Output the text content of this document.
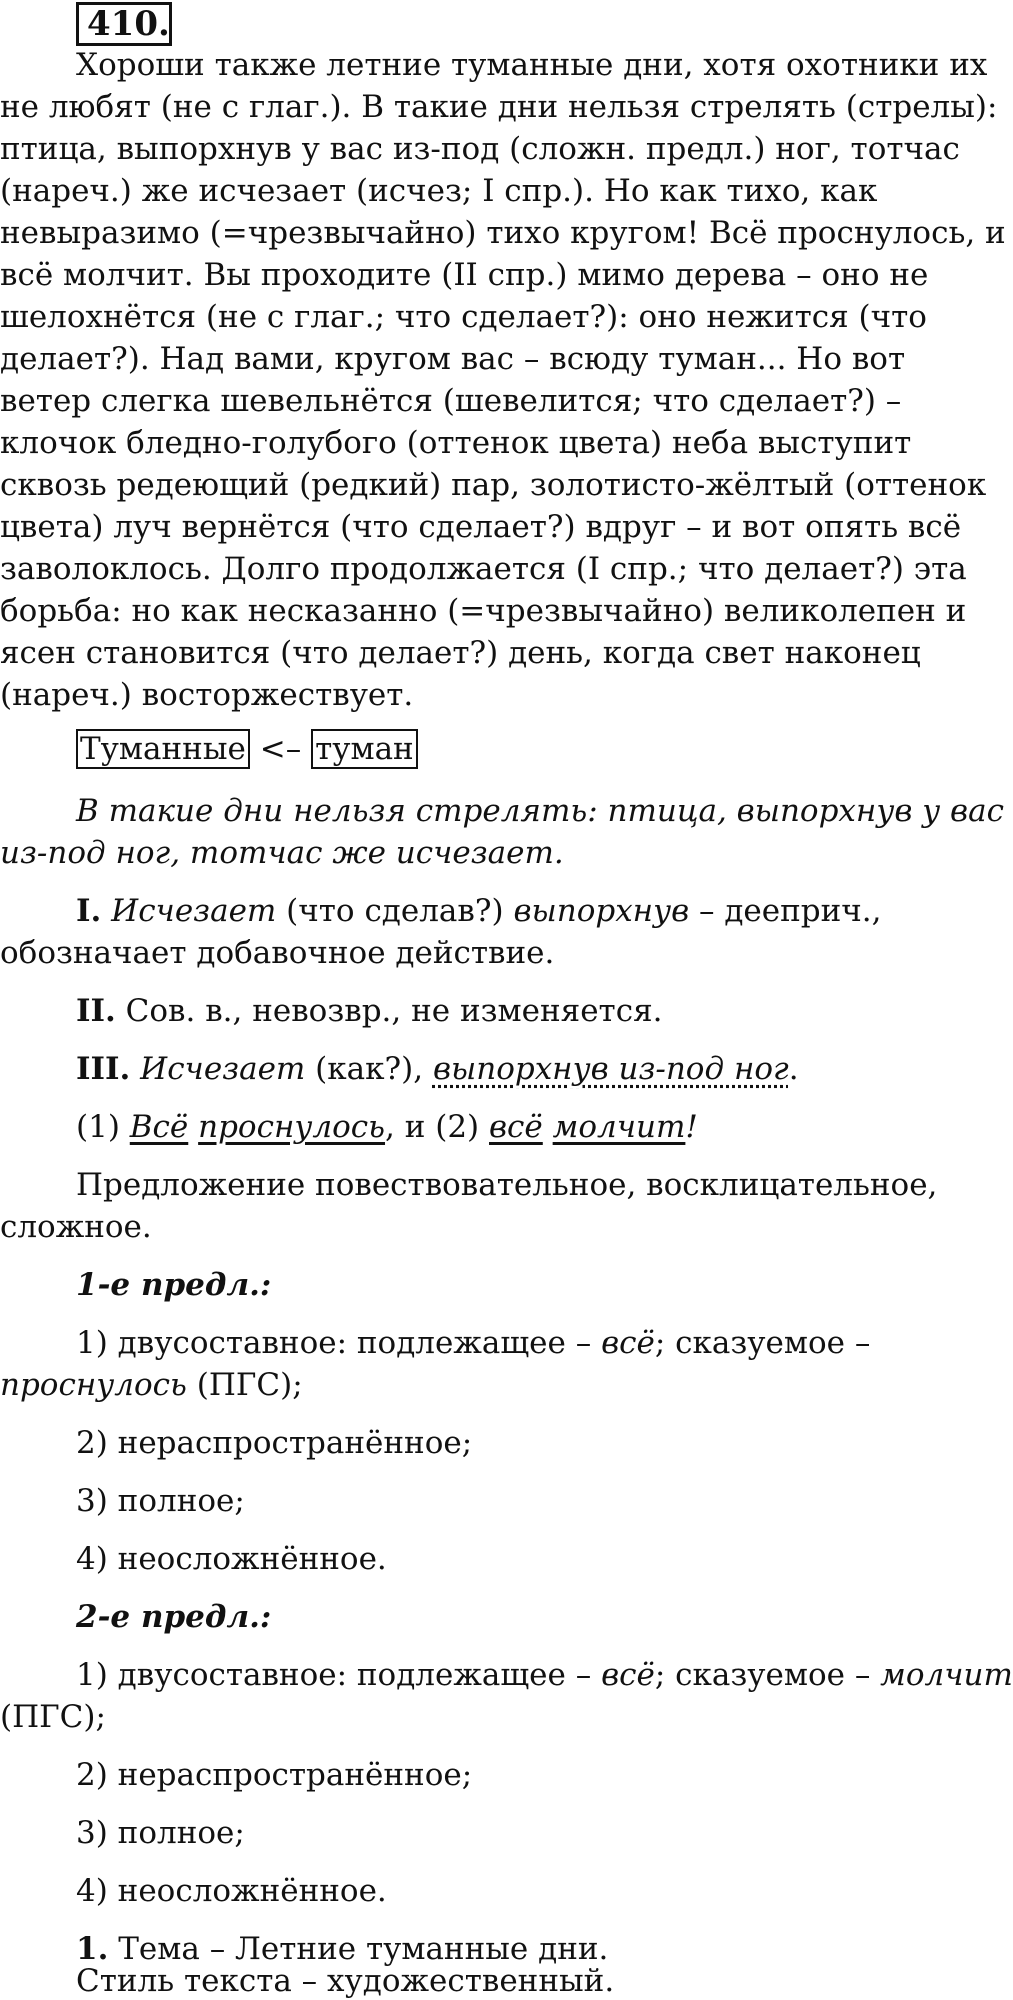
410.
Хороши также летние туманные дни, хотя охотники их
не любят (не с глаг.). В такие дни нельзя стрелять (стрелы):
птица, выпорхнув у вас из-под (сложн. предл.) ног, тотчас
(нареч.) же исчезает (исчез; I спр.). Но как тихо, как
невыразимо (=чрезвычайно) тихо кругом! Всё проснулось, и
всё молчит. Вы проходите (II спр.) мимо дерева – оно не
шелохнётся (не с глаг.; что сделает?): оно нежится (что
делает?). Над вами, кругом вас – всюду туман... Но вот
ветер слегка шевельнётся (шевелится; что сделает?) –
клочок бледно-голубого (оттенок цвета) неба выступит
сквозь редеющий (редкий) пар, золотисто-жёлтый (оттенок
цвета) луч вернётся (что сделает?) вдруг – и вот опять всё
заволоклось. Долго продолжается (I спр.; что делает?) эта
борьба: но как несказанно (=чрезвычайно) великолепен и
ясен становится (что делает?) день, когда свет наконец
(нареч.) восторжествует.
Туманные <– туман
В такие дни нельзя стрелять: птица, выпорхнув у вас
из-под ног, тотчас же исчезает.
I. Исчезает (что сделав?) выпорхнув – дееприч.,
обозначает добавочное действие.
II. Сов. в., невозвр., не изменяется.
III. Исчезает (как?), выпорхнув из-под ног.
(1) Всё проснулось, и (2) всё молчит!
Предложение повествовательное, восклицательное,
сложное.
1-е предл.:
1) двусоставное: подлежащее – всё; сказуемое –
проснулось (ПГС);
2) нераспространённое;
3) полное;
4) неосложнённое.
2-е предл.:
1) двусоставное: подлежащее – всё; сказуемое – молчит
(ПГС);
2) нераспространённое;
3) полное;
4) неосложнённое.
1. Тема – Летние туманные дни.
Стиль текста – художественный.
